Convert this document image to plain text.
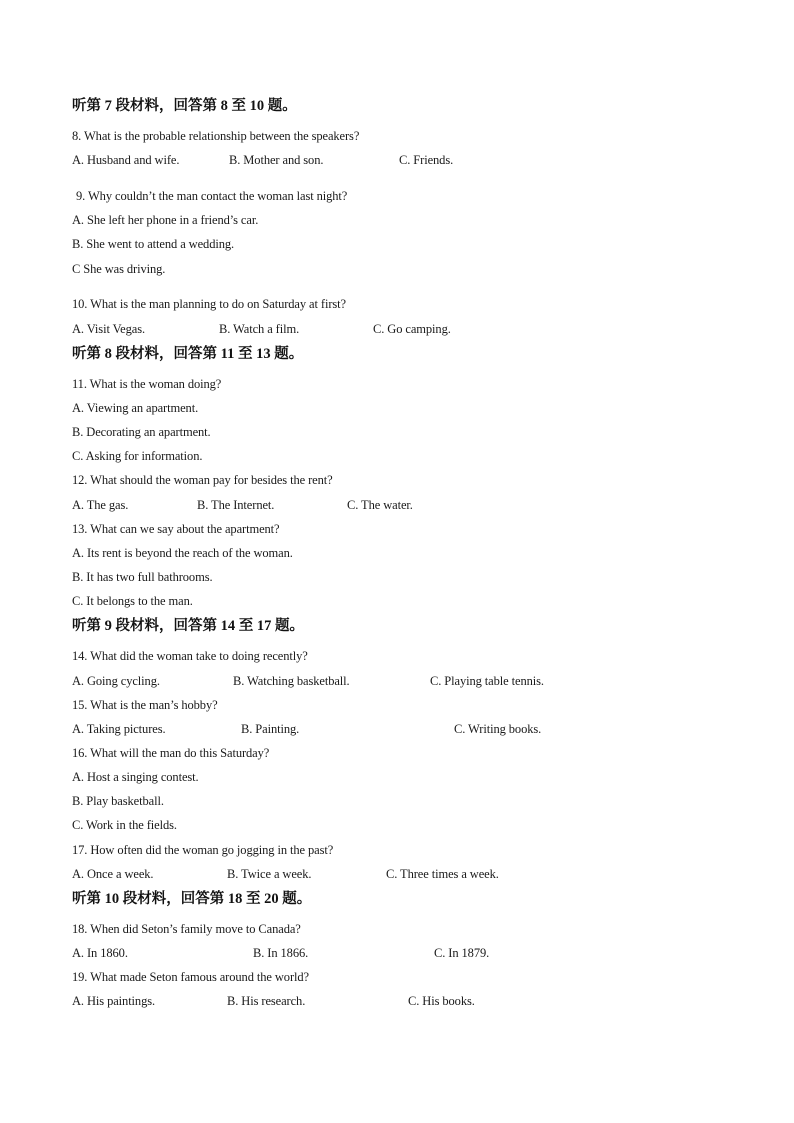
听第 7 段材料，回答第 8 至 10 题。
8. What is the probable relationship between the speakers?
A. Husband and wife.	B. Mother and son.	C. Friends.
9. Why couldn’t the man contact the woman last night?
A. She left her phone in a friend’s car.
B. She went to attend a wedding.
C She was driving.
10. What is the man planning to do on Saturday at first?
A. Visit Vegas.	B. Watch a film.	C. Go camping.
听第 8 段材料，回答第 11 至 13 题。
11. What is the woman doing?
A. Viewing an apartment.
B. Decorating an apartment.
C. Asking for information.
12. What should the woman pay for besides the rent?
A. The gas.	B. The Internet.	C. The water.
13. What can we say about the apartment?
A. Its rent is beyond the reach of the woman.
B. It has two full bathrooms.
C. It belongs to the man.
听第 9 段材料，回答第 14 至 17 题。
14. What did the woman take to doing recently?
A. Going cycling.	B. Watching basketball.	C. Playing table tennis.
15. What is the man’s hobby?
A. Taking pictures.	B. Painting.	C. Writing books.
16. What will the man do this Saturday?
A. Host a singing contest.
B. Play basketball.
C. Work in the fields.
17. How often did the woman go jogging in the past?
A. Once a week.	B. Twice a week.	C. Three times a week.
听第 10 段材料，回答第 18 至 20 题。
18. When did Seton’s family move to Canada?
A. In 1860.	B. In 1866.	C. In 1879.
19. What made Seton famous around the world?
A. His paintings.	B. His research.	C. His books.
